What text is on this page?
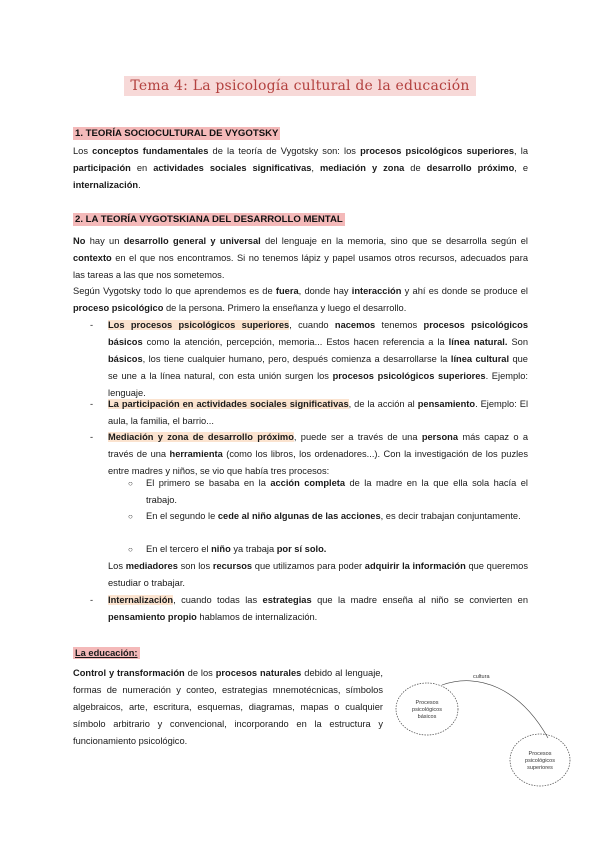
Tema 4: La psicología cultural de la educación
1. TEORÍA SOCIOCULTURAL DE VYGOTSKY

Los conceptos fundamentales de la teoría de Vygotsky son: los procesos psicológicos superiores, la participación en actividades sociales significativas, mediación y zona de desarrollo próximo, e internalización.

2. LA TEORÍA VYGOTSKIANA DEL DESARROLLO MENTAL

No hay un desarrollo general y universal del lenguaje en la memoria, sino que se desarrolla según el contexto en el que nos encontramos. Si no tenemos lápiz y papel usamos otros recursos, adecuados para las tareas a las que nos sometemos.

Según Vygotsky todo lo que aprendemos es de fuera, donde hay interacción y ahí es donde se produce el proceso psicológico de la persona. Primero la enseñanza y luego el desarrollo.

- Los procesos psicológicos superiores, cuando nacemos tenemos procesos psicológicos básicos como la atención, percepción, memoria... Estos hacen referencia a la línea natural. Son básicos, los tiene cualquier humano, pero, después comienza a desarrollarse la línea cultural que se une a la línea natural, con esta unión surgen los procesos psicológicos superiores. Ejemplo: lenguaje.

- La participación en actividades sociales significativas, de la acción al pensamiento. Ejemplo: El aula, la familia, el barrio...

- Mediación y zona de desarrollo próximo, puede ser a través de una persona más capaz o a través de una herramienta (como los libros, los ordenadores...). Con la investigación de los puzles entre madres y niños, se vio que había tres procesos:

○ El primero se basaba en la acción completa de la madre en la que ella sola hacía el trabajo.

○ En el segundo le cede al niño algunas de las acciones, es decir trabajan conjuntamente.

○ En el tercero el niño ya trabaja por sí solo.

Los mediadores son los recursos que utilizamos para poder adquirir la información que queremos estudiar o trabajar.

- Internalización, cuando todas las estrategias que la madre enseña al niño se convierten en pensamiento propio hablamos de internalización.

La educación:

Control y transformación de los procesos naturales debido al lenguaje, formas de numeración y conteo, estrategias mnemotécnicas, símbolos algebraicos, arte, escritura, esquemas, diagramas, mapas o cualquier símbolo arbitrario y convencional, incorporando en la estructura y funcionamiento psicológico.

cultura
Procesos
psicológicos
básicos
Procesos
psicológicos
superiores
